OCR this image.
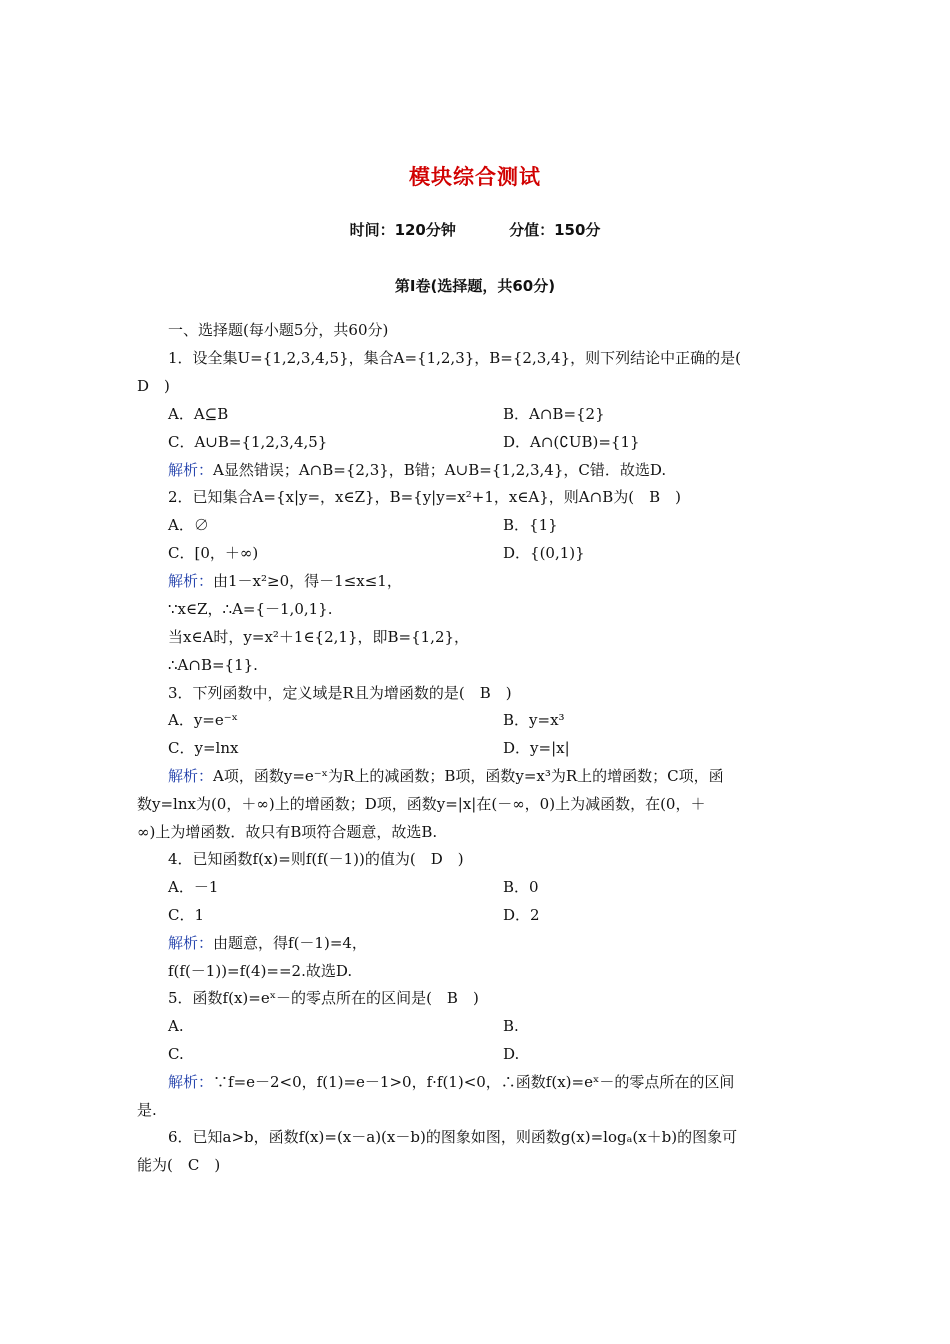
模块综合测试
时间：120分钟	分值：150分
第Ⅰ卷(选择题，共60分)
一、选择题(每小题5分，共60分)
1．设全集U={1,2,3,4,5}，集合A={1,2,3}，B={2,3,4}，则下列结论中正确的是(
D　)
A．A⊆B	B．A∩B={2}
C．A∪B={1,2,3,4,5}	D．A∩(∁UB)={1}
解析：A显然错误；A∩B={2,3}，B错；A∪B={1,2,3,4}，C错．故选D.
2．已知集合A={x|y=，x∈Z}，B={y|y=x²+1，x∈A}，则A∩B为(　B　)
A．∅	B．{1}
C．[0，＋∞)	D．{(0,1)}
解析：由1－x²≥0，得－1≤x≤1，
∵x∈Z，∴A={－1,0,1}.
当x∈A时，y=x²＋1∈{2,1}，即B={1,2}，
∴A∩B={1}.
3．下列函数中，定义域是R且为增函数的是(　B　)
A．y=e⁻ˣ	B．y=x³
C．y=lnx	D．y=|x|
解析：A项，函数y=e⁻ˣ为R上的减函数；B项，函数y=x³为R上的增函数；C项，函
数y=lnx为(0，＋∞)上的增函数；D项，函数y=|x|在(－∞，0)上为减函数，在(0，＋
∞)上为增函数．故只有B项符合题意，故选B.
4．已知函数f(x)=则f(f(－1))的值为(　D　)
A．－1	B．0
C．1	D．2
解析：由题意，得f(－1)=4，
f(f(－1))=f(4)==2.故选D.
5．函数f(x)=eˣ－的零点所在的区间是(　B　)
A.	B.
C.	D.
解析：∵f=e－2<0，f(1)=e－1>0，f·f(1)<0，∴函数f(x)=eˣ－的零点所在的区间
是.
6．已知a>b，函数f(x)=(x－a)(x－b)的图象如图，则函数g(x)=logₐ(x＋b)的图象可
能为(　C　)
